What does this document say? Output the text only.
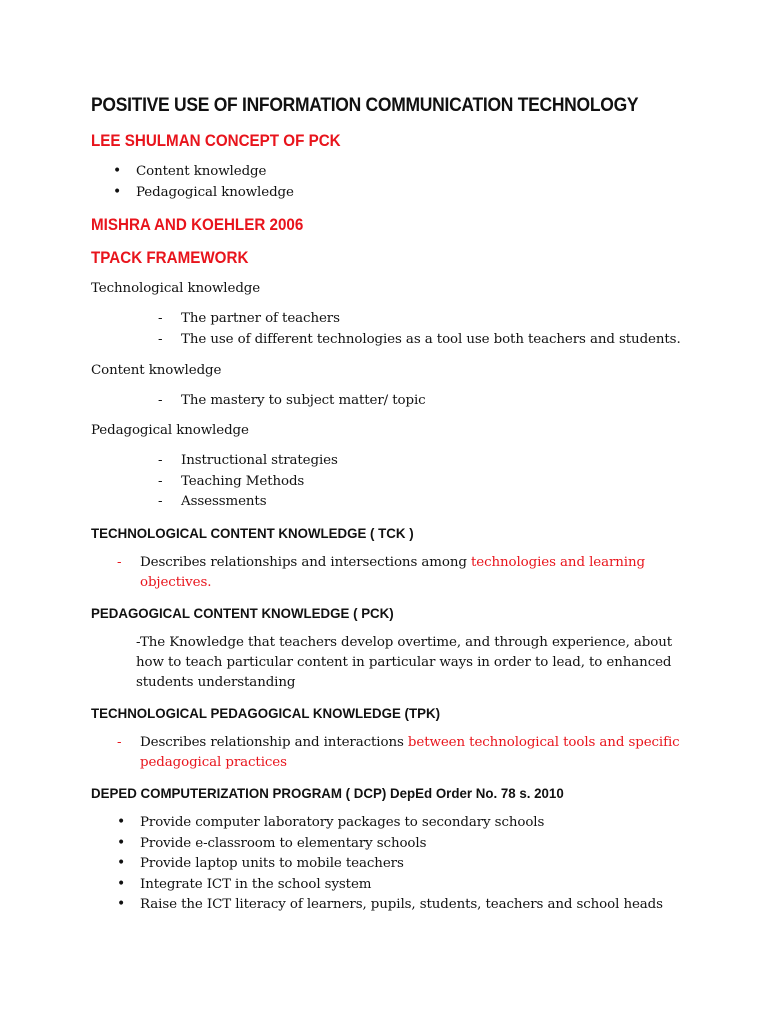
POSITIVE USE OF INFORMATION COMMUNICATION TECHNOLOGY
LEE SHULMAN CONCEPT OF PCK
• Content knowledge
• Pedagogical knowledge
MISHRA AND KOEHLER 2006
TPACK FRAMEWORK
Technological knowledge
- The partner of teachers
- The use of different technologies as a tool use both teachers and students.
Content knowledge
- The mastery to subject matter/ topic
Pedagogical knowledge
- Instructional strategies
- Teaching Methods
- Assessments
TECHNOLOGICAL CONTENT KNOWLEDGE ( TCK )
- Describes relationships and intersections among technologies and learning
objectives.
PEDAGOGICAL CONTENT KNOWLEDGE ( PCK)
-The Knowledge that teachers develop overtime, and through experience, about
how to teach particular content in particular ways in order to lead, to enhanced
students understanding
TECHNOLOGICAL PEDAGOGICAL KNOWLEDGE (TPK)
- Describes relationship and interactions between technological tools and specific
pedagogical practices
DEPED COMPUTERIZATION PROGRAM ( DCP) DepEd Order No. 78 s. 2010
• Provide computer laboratory packages to secondary schools
• Provide e-classroom to elementary schools
• Provide laptop units to mobile teachers
• Integrate ICT in the school system
• Raise the ICT literacy of learners, pupils, students, teachers and school heads
